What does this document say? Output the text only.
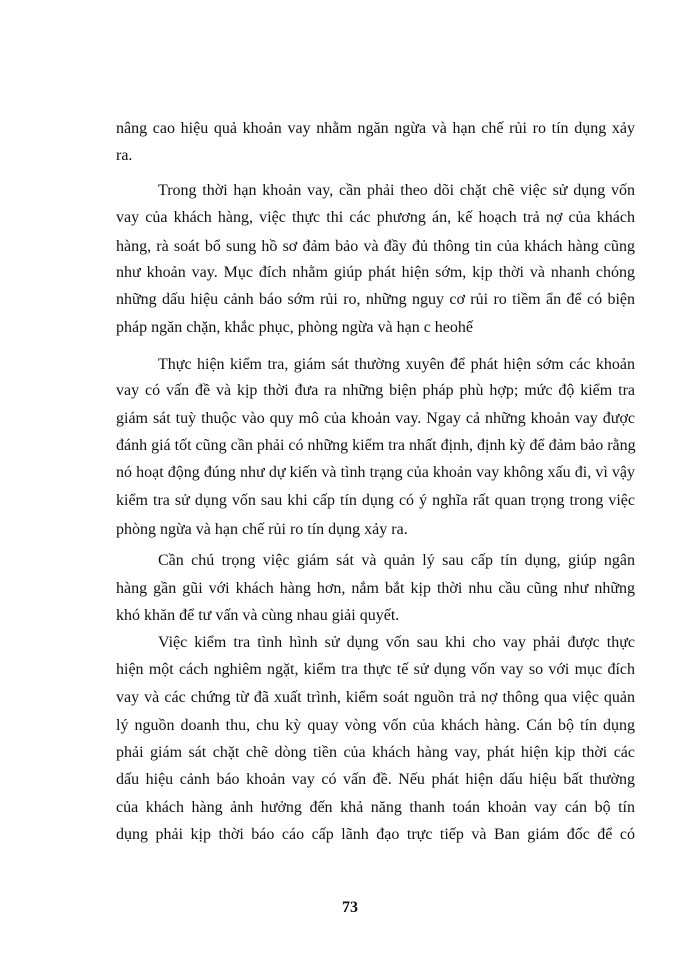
nâng cao hiệu quả khoản vay nhằm ngăn ngừa và hạn chế rủi ro tín dụng xảy
ra.
Trong thời hạn khoản vay, cần phải theo dõi chặt chẽ việc sử dụng vốn
vay của khách hàng, việc thực thi các phương án, kế hoạch trả nợ của khách
hàng, rà soát bổ sung hồ sơ đảm bảo và đầy đủ thông tin của khách hàng cũng
như khoản vay. Mục đích nhằm giúp phát hiện sớm, kịp thời và nhanh chóng
những dấu hiệu cảnh báo sớm rủi ro, những nguy cơ rủi ro tiềm ẩn để có biện
pháp ngăn chặn, khắc phục, phòng ngừa và hạn c heohế
Thực hiện kiểm tra, giám sát thường xuyên để phát hiện sớm các khoản
vay có vấn đề và kịp thời đưa ra những biện pháp phù hợp; mức độ kiểm tra
giám sát tuỳ thuộc vào quy mô của khoản vay. Ngay cả những khoản vay được
đánh giá tốt cũng cần phải có những kiểm tra nhất định, định kỳ để đảm bảo rằng
nó hoạt động đúng như dự kiến và tình trạng của khoản vay không xấu đi, vì vậy
kiểm tra sử dụng vốn sau khi cấp tín dụng có ý nghĩa rất quan trọng trong việc
phòng ngừa và hạn chế rủi ro tín dụng xảy ra.
Cần chú trọng việc giám sát và quản lý sau cấp tín dụng, giúp ngân
hàng gần gũi với khách hàng hơn, nắm bắt kịp thời nhu cầu cũng như những
khó khăn để tư vấn và cùng nhau giải quyết.
Việc kiểm tra tình hình sử dụng vốn sau khi cho vay phải được thực
hiện một cách nghiêm ngặt, kiểm tra thực tế sử dụng vốn vay so với mục đích
vay và các chứng từ đã xuất trình, kiểm soát nguồn trả nợ thông qua việc quản
lý nguồn doanh thu, chu kỳ quay vòng vốn của khách hàng. Cán bộ tín dụng
phải giám sát chặt chẽ dòng tiền của khách hàng vay, phát hiện kịp thời các
dấu hiệu cảnh báo khoản vay có vấn đề. Nếu phát hiện dấu hiệu bất thường
của khách hàng ảnh hưởng đến khả năng thanh toán khoản vay cán bộ tín
dụng phải kịp thời báo cáo cấp lãnh đạo trực tiếp và Ban giám đốc để có
73
